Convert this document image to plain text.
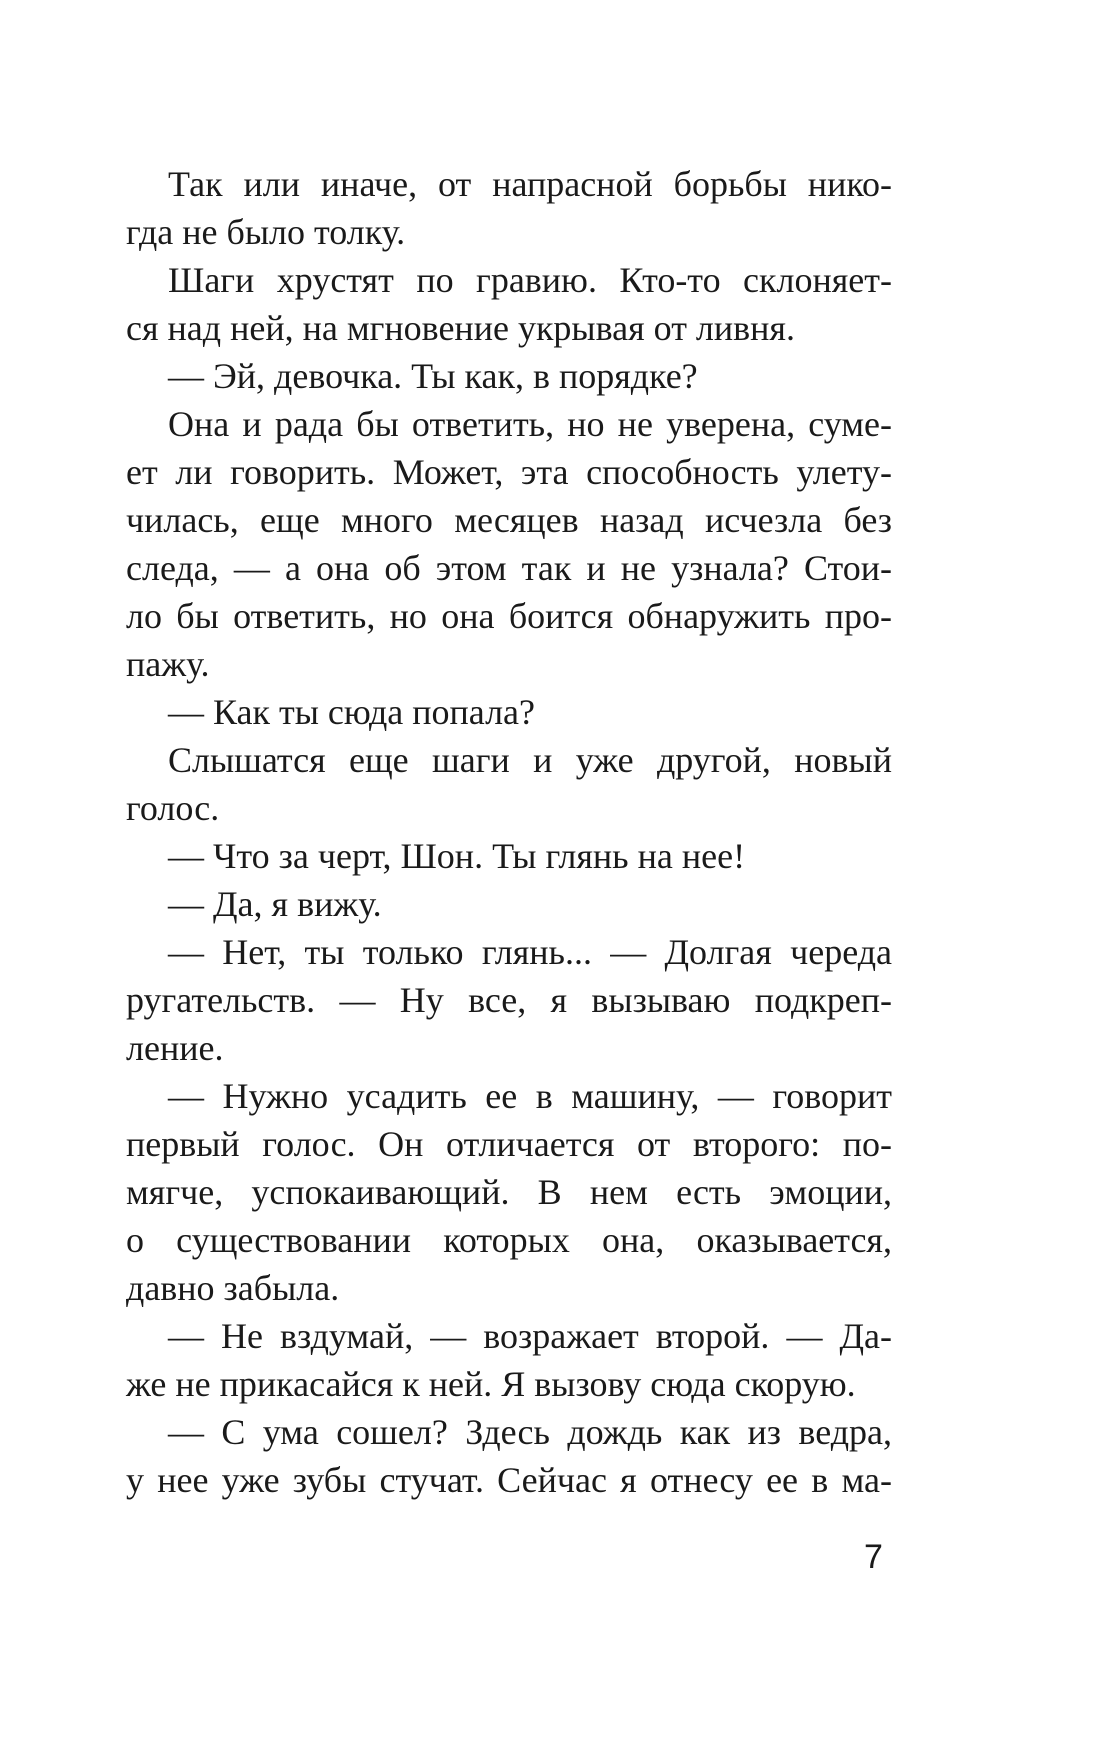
Так или иначе, от напрасной борьбы нико-
гда не было толку.
Шаги хрустят по гравию. Кто-то склоняет-
ся над ней, на мгновение укрывая от ливня.
— Эй, девочка. Ты как, в порядке?
Она и рада бы ответить, но не уверена, суме-
ет ли говорить. Может, эта способность улету-
чилась, еще много месяцев назад исчезла без
следа, — а она об этом так и не узнала? Стои-
ло бы ответить, но она боится обнаружить про-
пажу.
— Как ты сюда попала?
Слышатся еще шаги и уже другой, новый
голос.
— Что за черт, Шон. Ты глянь на нее!
— Да, я вижу.
— Нет, ты только глянь... — Долгая череда
ругательств. — Ну все, я вызываю подкреп-
ление.
— Нужно усадить ее в машину, — говорит
первый голос. Он отличается от второго: по-
мягче, успокаивающий. В нем есть эмоции,
о существовании которых она, оказывается,
давно забыла.
— Не вздумай, — возражает второй. — Да-
же не прикасайся к ней. Я вызову сюда скорую.
— С ума сошел? Здесь дождь как из ведра,
у нее уже зубы стучат. Сейчас я отнесу ее в ма-
7
